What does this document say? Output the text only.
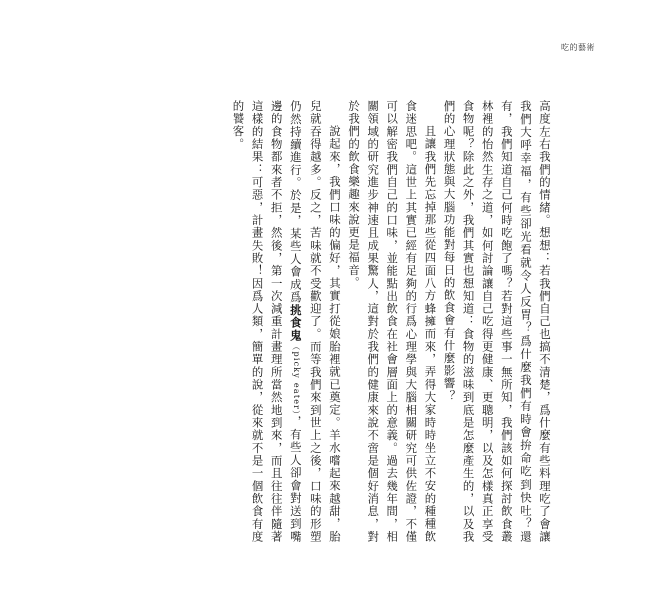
吃的藝術

高度左右我們的情緒。想想：若我們自己也搞不清楚，爲什麼有些料理吃了會讓我們大呼幸福，有些卻光看就令人反胃？爲什麼我們有時會拚命吃到快吐？還有，我們知道自己何時吃飽了嗎？若對這些事一無所知，我們該如何探討飲食叢林裡的怡然生存之道，如何討論讓自己吃得更健康、更聰明，以及怎樣真正享受食物呢？除此之外，我們其實也想知道：食物的滋味到底是怎麼產生的，以及我們的心理狀態與大腦功能對每日的飲食會有什麼影響？

且讓我們先忘掉那些從四面八方蜂擁而來，弄得大家時時坐立不安的種種飲食迷思吧。這世上其實已經有足夠的行爲心理學與大腦相關研究可供佐證，不僅可以解密我們自己的口味，並能點出飲食在社會層面上的意義。過去幾年間，相關領域的研究進步神速且成果驚人，這對於我們的健康來說不啻是個好消息，對於我們的飲食樂趣來說更是福音。

說起來，我們口味的偏好，其實打從娘胎裡就已奠定。羊水嚐起來越甜，胎兒就吞得越多。反之，苦味就不受歡迎了。而等我們來到世上之後，口味的形塑仍然持續進行。於是，某些人會成爲挑食鬼（picky eater），有些人卻會對送到嘴邊的食物都來者不拒，然後，第一次減重計畫理所當然地到來，而且往往伴隨著這樣的結果：可惡，計畫失敗！因爲人類，簡單的說，從來就不是一個飲食有度的饕客。
